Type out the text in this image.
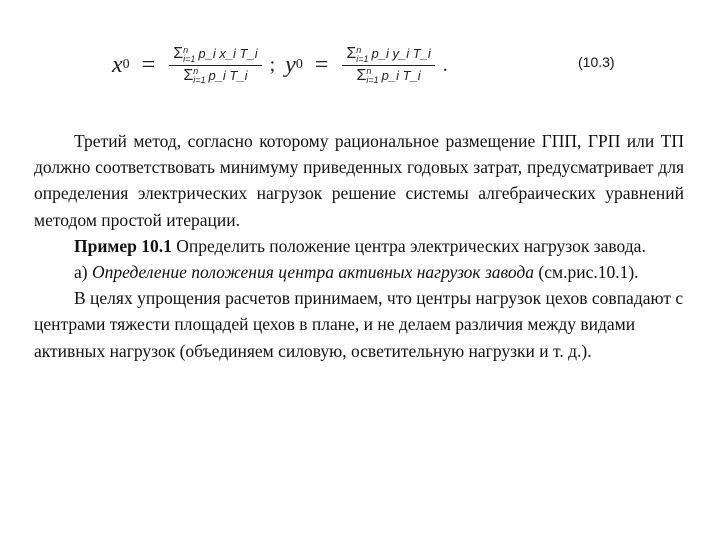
x 0 = Σ n
i=1 p_i x_i T_i
Σ n
i=1 p_i T_i ; y 0 = Σ n
i=1 p_i y_i T_i
Σ n
i=1 p_i T_i .	(10.3)

Третий метод, согласно которому рациональное размещение ГПП, ГРП или ТП должно соответствовать минимуму приведенных годовых затрат, предусматривает для определения электрических нагрузок решение системы алгебраических уравнений методом простой итерации.

Пример 10.1 Определить положение центра электрических нагрузок завода.

а) Определение положения центра активных нагрузок завода (см.рис.10.1).

В целях упрощения расчетов принимаем, что центры нагрузок цехов совпадают с центрами тяжести площадей цехов в плане, и не делаем различия между видами активных нагрузок (объединяем силовую, осветительную нагрузки и т. д.).
